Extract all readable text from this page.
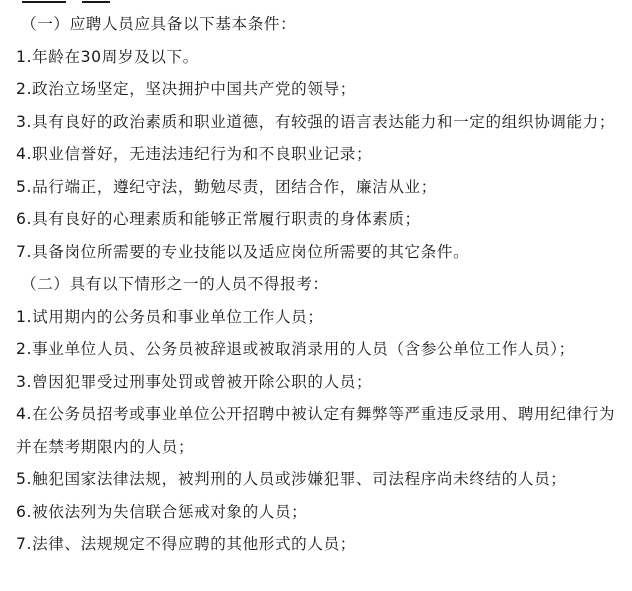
（一）应聘人员应具备以下基本条件：
1.年龄在30周岁及以下。
2.政治立场坚定，坚决拥护中国共产党的领导；
3.具有良好的政治素质和职业道德，有较强的语言表达能力和一定的组织协调能力；
4.职业信誉好，无违法违纪行为和不良职业记录；
5.品行端正，遵纪守法，勤勉尽责，团结合作，廉洁从业；
6.具有良好的心理素质和能够正常履行职责的身体素质；
7.具备岗位所需要的专业技能以及适应岗位所需要的其它条件。
（二）具有以下情形之一的人员不得报考：
1.试用期内的公务员和事业单位工作人员；
2.事业单位人员、公务员被辞退或被取消录用的人员（含参公单位工作人员）；
3.曾因犯罪受过刑事处罚或曾被开除公职的人员；
4.在公务员招考或事业单位公开招聘中被认定有舞弊等严重违反录用、聘用纪律行为并在禁考期限内的人员；
5.触犯国家法律法规，被判刑的人员或涉嫌犯罪、司法程序尚未终结的人员；
6.被依法列为失信联合惩戒对象的人员；
7.法律、法规规定不得应聘的其他形式的人员；
